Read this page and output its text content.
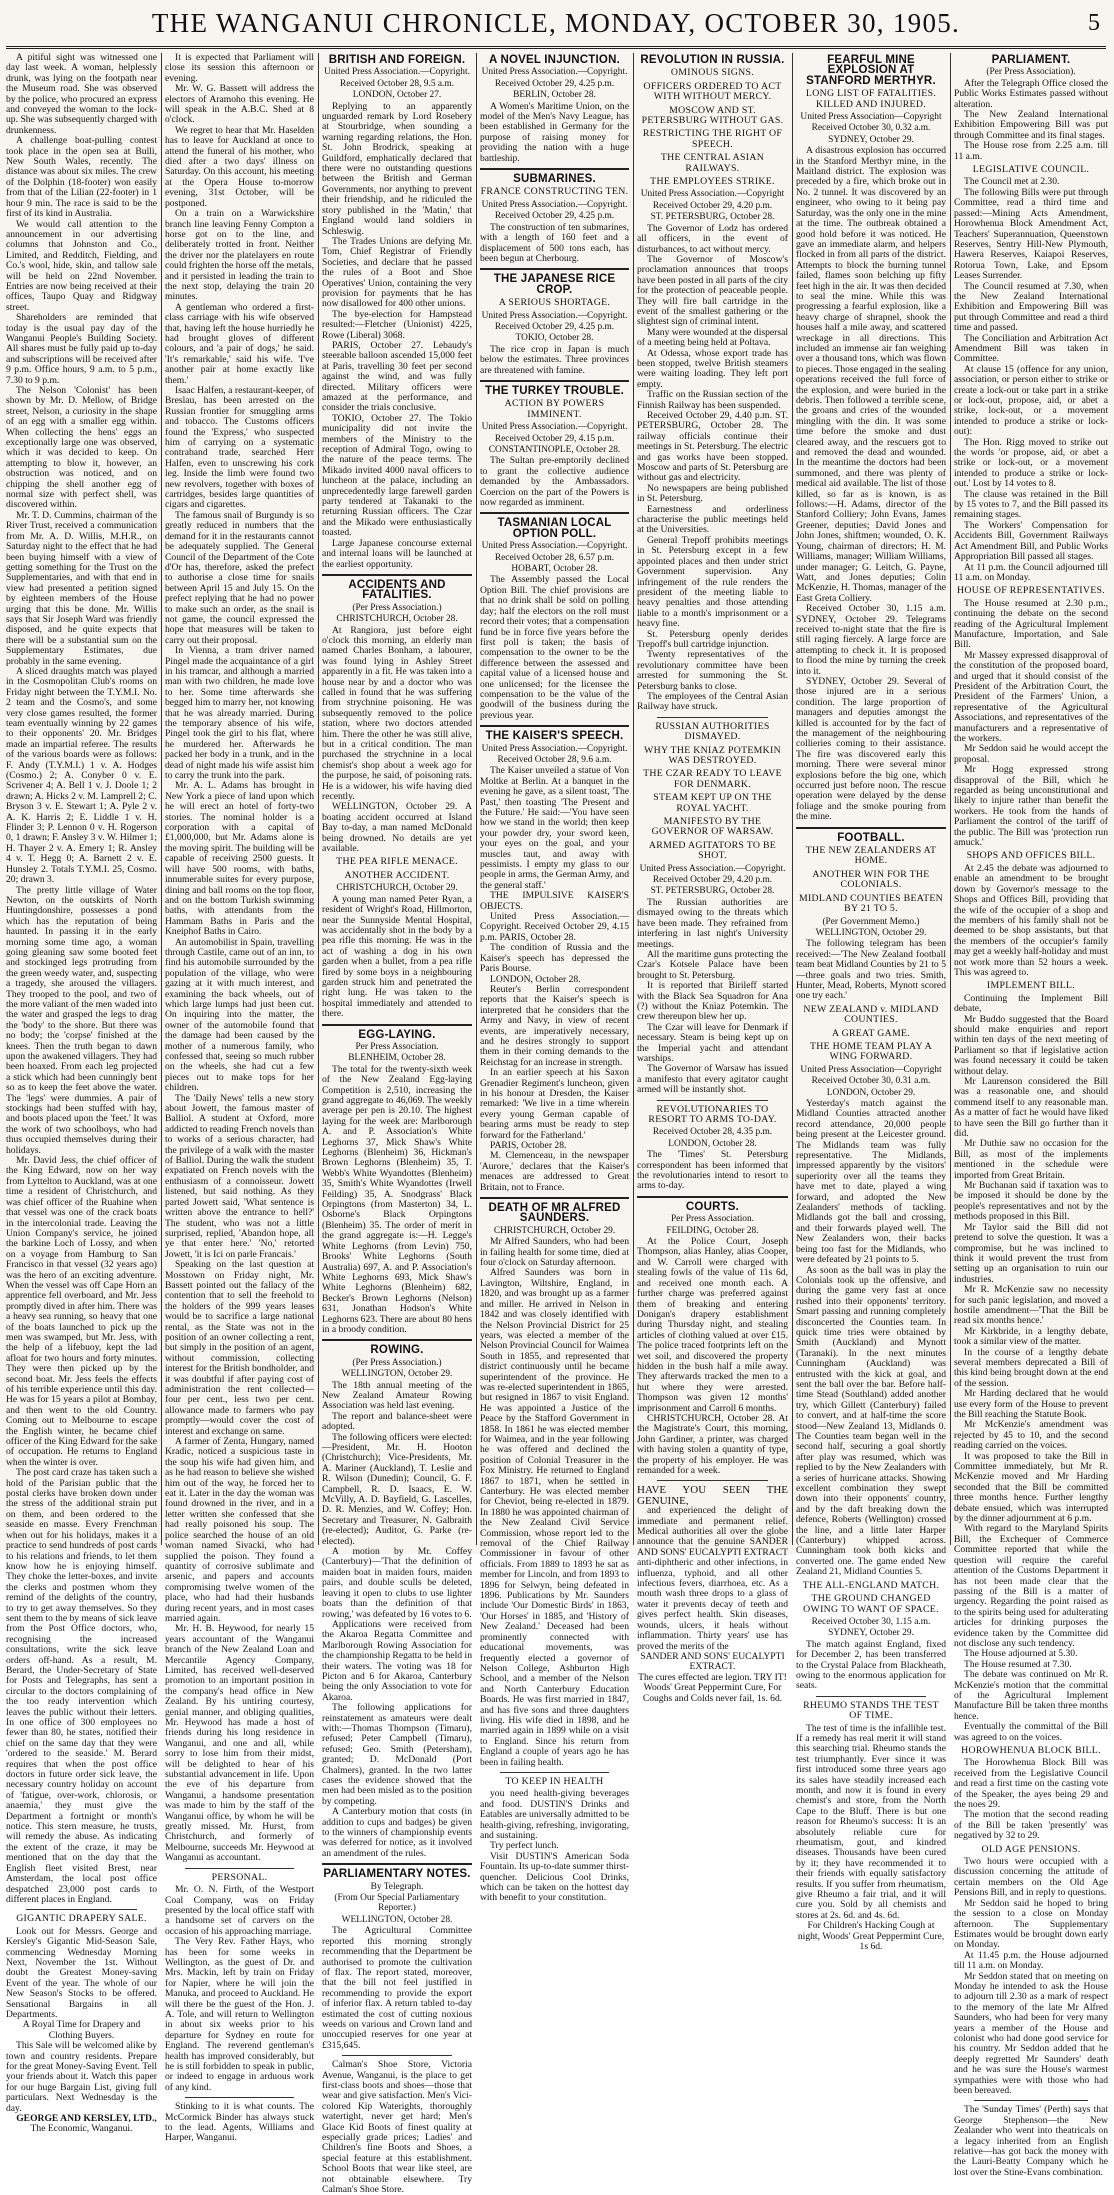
THE WANGANUI CHRONICLE, MONDAY, OCTOBER 30, 1905.	5

A pitiful sight was witnessed one day last week. A woman, helplessly drunk, was lying on the footpath near the Museum road. She was observed by the police, who procured an express and conveyed the woman to the lock-up. She was subsequently charged with drunkenness.

A challenge boat-pulling contest took place in the open sea at Bulli, New South Wales, recently. The distance was about six miles. The crew of the Dolphin (18-footer) won easily from that of the Lilian (22-footer) in 1 hour 9 min. The race is said to be the first of its kind in Australia.

We would call attention to the announcement in our advertising columns that Johnston and Co., Limited, and Redditch, Fielding, and Co.'s wool, hide, skin, and tallow sale will be held on 22nd November. Entries are now being received at their offices, Taupo Quay and Ridgway street.

Shareholders are reminded that today is the usual pay day of the Wanganui People's Building Society. All shares must be fully paid up to-day and subscriptions will be received after 9 p.m. Office hours, 9 a.m. to 5 p.m., 7.30 to 9 p.m.

The Nelson 'Colonist' has been shown by Mr. D. Mellow, of Bridge street, Nelson, a curiosity in the shape of an egg with a smaller egg within. When collecting the hens' eggs an exceptionally large one was observed, which it was decided to keep. On attempting to blow it, however, an obstruction was noticed, and on chipping the shell another egg of normal size with perfect shell, was discovered within.

Mr. T. D. Cummins, chairman of the River Trust, received a communication from Mr. A. D. Willis, M.H.R., on Saturday night to the effect that he had been buying himself with a view of getting something for the Trust on the Supplementaries, and with that end in view had presented a petition signed by eighteen members of the House urging that this be done. Mr. Willis says that Sir Joseph Ward was friendly disposed, and he quite expects that there will be a substantial sum on the Supplementary Estimates, due probably in the same evening.

A sliced draughts match was played in the Cosmopolitan Club's rooms on Friday night between the T.Y.M.I. No. 2 team and the Cosmo's, and some very close games resulted, the former team eventually winning by 22 games to their opponents' 20. Mr. Bridges made an impartial referee. The results of the various boards were as follows: F. Andy (T.Y.M.I.) 1 v. A. Hodges (Cosmo.) 2; A. Conyber 0 v. E. Scrivener 4; A. Bell 1 v. J. Doole 1; 2 drawn; A. Hicks 2 v. M. Lamprell 2; C. Bryson 3 v. E. Stewart 1; A. Pyle 2 v. A. K. Harris 2; E. Liddle 1 v. H. Flinder 3; P. Lennon 0 v. H. Rogerson 0, 1 drawn; F. Ansley 3 v. W. Hilmer 1; H. Thayer 2 v. A. Emery 1; R. Ansley 4 v. T. Hegg 0; A. Barnett 2 v. E. Hunsley 2. Totals T.Y.M.I. 25, Cosmo. 20; drawn 3.

The pretty little village of Water Newton, on the outskirts of North Huntingdonshire, possesses a pond which has the reputation of being haunted. In passing it in the early morning some time ago, a woman going gleaning saw some booted feet and stockinged legs protruding from the green weedy water, and, suspecting a tragedy, she aroused the villagers. They trooped to the pool, and two of the more valiant of the men waded into the water and grasped the legs to drag the 'body' to the shore. But there was no body; the 'corpse' finished at the knees. Then the truth began to dawn upon the awakened villagers. They had been hoaxed. From each leg projected a stick which had been cunningly bent so as to keep the feet above the water. The 'legs' were dummies. A pair of stockings had been stuffed with hay, and boots placed upon the 'feet.' It was the work of two schoolboys, who had thus occupied themselves during their holidays.

Mr. David Jess, the chief officer of the King Edward, now on her way from Lyttelton to Auckland, was at one time a resident of Christchurch, and was chief officer of the Ruahine when that vessel was one of the crack boats in the intercolonial trade. Leaving the Union Company's service, he joined the barkine Loch of Lossy, and when on a voyage from Hamburg to San Francisco in that vessel (32 years ago) was the hero of an exciting adventure. When the vessel was off Cape Horn an apprentice fell overboard, and Mr. Jess promptly dived in after him. There was a heavy sea running, so heavy that one of the boats launched to pick up the men was swamped, but Mr. Jess, with the help of a lifebuoy, kept the lad afloat for two hours and forty minutes. They were then picked up by the second boat. Mr. Jess feels the effects of his terrible experience until this day. He was for 15 years a pilot at Bombay, and then went to the old Country. Coming out to Melbourne to escape the English winter, he became chief officer of the King Edward for the sake of occupation. He returns to England when the winter is over.

The post card craze has taken such a hold of the Parisian public that the postal clerks have broken down under the stress of the additional strain put on them, and been ordered to the seaside en masse. Every Frenchman when out for his holidays, makes it a practice to send hundreds of post cards to his relations and friends, to let them know how he is enjoying himself. They choke the letter-boxes, and invite the clerks and postmen whom they remind of the delights of the country, to try to get away themselves. So they sent them to the by means of sick leave from the Post Office doctors, who, recognising the increased consultations, write the sick leave orders off-hand. As a result, M. Berard, the Under-Secretary of State for Posts and Telegraphs, has sent a circular to the doctors complaining of the too ready intervention which leaves the public without their letters. In one office of 300 employees no fewer than 80, he states, notified their chief on the same day that they were 'ordered to the seaside.' M. Berard requires that when the post office doctors in future order sick leave, the necessary country holiday on account of 'fatigue, over-work, chlorosis, or anaemia,' they must give the Department a fortnight or month's notice. This stern measure, he trusts, will remedy the abuse. As indicating the extent of the craze, it may be mentioned that on the day that the English fleet visited Brest, near Amsterdam, the local post office despatched 23,000 post cards to different places in England.

GIGANTIC DRAPERY SALE.

Look out for Messrs. George and Kersley's Gigantic Mid-Season Sale, commencing Wednesday Morning Next, November the 1st. Without doubt the Greatest Money-saving Event of the year. The whole of our New Season's Stocks to be offered. Sensational Bargains in all Departments.

A Royal Time for Drapery and Clothing Buyers.

This Sale will be welcomed alike by town and country residents. Prepare for the great Money-Saving Event. Tell your friends about it. Watch this paper for our huge Bargain List, giving full particulars. Next Wednesday is the day.

GEORGE AND KERSLEY, LTD.,

The Economic, Wanganui.

It is expected that Parliament will close its session this afternoon or evening.

Mr. W. G. Bassett will address the electors of Aramoho this evening. He will speak in the A.B.C. Shed at 8 o'clock.

We regret to hear that Mr. Haselden has to leave for Auckland at once to attend the funeral of his mother, who died after a two days' illness on Saturday. On this account, his meeting at the Opera House to-morrow evening, 31st October, will be postponed.

On a train on a Warwickshire branch line leaving Fenny Compton a horse got on to the line, and deliberately trotted in front. Neither the driver nor the platelayers en route could frighten the horse off the metals, and it persisted in leading the train to the next stop, delaying the train 20 minutes.

A gentleman who ordered a first-class carriage with his wife observed that, having left the house hurriedly he had brought gloves of different colours, and 'a pair of dogs,' he said. 'It's remarkable,' said his wife. 'I've another pair at home exactly like them.'

Isaac Halfen, a restaurant-keeper, of Breslau, has been arrested on the Russian frontier for smuggling arms and tobacco. The Customs officers found the 'Express,' who suspected him of carrying on a systematic contraband trade, searched Herr Halfen, even to unscrewing his cork leg. Inside the limb were found two new revolvers, together with boxes of cartridges, besides large quantities of cigars and cigarettes.

The famous snail of Burgundy is so greatly reduced in numbers that the demand for it in the restaurants cannot be adequately supplied. The General Council of the Department of the Cote d'Or has, therefore, asked the prefect to authorise a close time for snails between April 15 and July 15. On the prefect replying that he had no power to make such an order, as the snail is not game, the council expressed the hope that measures will be taken to carry out their proposal.

In Vienna, a tram driver named Pingel made the acquaintance of a girl in his tramcar, and although a married man with two children, he made love to her. Some time afterwards she begged him to marry her, not knowing that he was already married. During the temporary absence of his wife, Pingel took the girl to his flat, where he murdered her. Afterwards he packed her body in a trunk, and in the dead of night made his wife assist him to carry the trunk into the park.

Mr. A. L. Adams has brought in New York a piece of land upon which he will erect an hotel of forty-two stories. The nominal holder is a corporation with a capital of £1,000,000, but Mr. Adams alone is the moving spirit. The building will be capable of receiving 2500 guests. It will have 500 rooms, with baths, innumerable suites for every purpose, dining and ball rooms on the top floor, and on the bottom Turkish swimming baths, with attendants from the Hammam Baths in Paris and the Kneiphof Baths in Cairo.

An automobilist in Spain, travelling through Castile, came out of an inn, to find his automobile surrounded by the population of the village, who were gazing at it with much interest, and examining the back wheels, out of which large lumps had just been cut. On inquiring into the matter, the owner of the automobile found that the damage had been caused by the mother of a numerous family, who confessed that, seeing so much rubber on the wheels, she had cut a few pieces out to make tops for her children.

The 'Daily News' tells a new story about Jowett, the famous master of Balliol. A student at Oxford, more addicted to reading French novels than to works of a serious character, had the privilege of a walk with the master of Balliol. During the walk the student expatiated on French novels with the enthusiasm of a connoisseur. Jowett listened, but said nothing. As they parted Jowett said, 'What sentence is written above the entrance to hell?' The student, who was not a little surprised, replied, 'Abandon hope, all ye that enter here.' 'No,' retorted Jowett, 'it is Ici on parle Francais.'

Speaking on the last question at Mosstown on Friday night, Mr. Bassett pointed out the fallacy of the contention that to sell the freehold to the holders of the 999 years leases would be to sacrifice a large national rental, as the State was not in the position of an owner collecting a rent, but simply in the position of an agent, without commission, collecting interest for the British bondholder, and it was doubtful if after paying cost of administration the rent collected—four per cent., less two per cent. allowance made to farmers who pay promptly—would cover the cost of interest and exchange on same.

A farmer of Zenta, Hungary, named Kradic, noticed a suspicious taste in the soup his wife had given him, and as he had reason to believe she wished him out of the way, he forced her to eat it. Later in the day the woman was found drowned in the river, and in a letter written she confessed that she had really poisoned his soup. The police searched the house of an old woman named Sivacki, who had supplied the poison. They found a quantity of corrosive sublimate and arsenic, and papers and accounts compromising twelve women of the place, who had had their husbands during recent years, and in most cases married again.

Mr. H. B. Heywood, for nearly 15 years accountant of the Wanganui branch of the New Zealand Loan and Mercantile Agency Company, Limited, has received well-deserved promotion to an important position in the company's head office in New Zealand. By his untiring courtesy, genial manner, and obliging qualities, Mr. Heywood has made a host of friends during his long residence in Wanganui, and one and all, while sorry to lose him from their midst, will be delighted to hear of his substantial advancement in life. Upon the eve of his departure from Wanganui, a handsome presentation was made to him by the staff of the Wanganui office, by whom he will be greatly missed. Mr. Hurst, from Christchurch, and formerly of Melbourne, succeeds Mr. Heywood at Wanganui as accountant.

PERSONAL.

Mr. O. N. Firth, of the Westport Coal Company, was on Friday presented by the local office staff with a handsome set of carvers on the occasion of his approaching marriage.

The Very Rev. Father Hays, who has been for some weeks in Wellington, as the guest of Dr. and Mrs. Mackin, left by train on Friday for Napier, where he will join the Manuka, and proceed to Auckland. He will there be the guest of the Hon. J. A. Tole, and will return to Wellington in about six weeks prior to his departure for Sydney en route for England. The reverend gentleman's health has improved considerably, but he is still forbidden to speak in public, or indeed to engage in arduous work of any kind.

Stinking to it is what counts. The McCormick Binder has always stuck to the lead. Agents, Williams and Harper, Wanganui.

BRITISH AND FOREIGN.
United Press Association.—Copyright.
Received October 28, 9.5 a.m.
LONDON, October 27.

Replying to an apparently unguarded remark by Lord Rosebery at Stourbridge, when sounding a warning regarding relations, the Hon. St. John Brodrick, speaking at Guildford, emphatically declared that there were no outstanding questions between the British and German Governments, nor anything to prevent their friendship, and he ridiculed the story published in the 'Matin,' that England would land soldiers in Schleswig.

The Trades Unions are defying Mr. Tom, Chief Registrar of Friendly Societies, and declare that he passed the rules of a Boot and Shoe Operatives' Union, containing the very provision for payments that he has now disallowed for 400 other unions.

The bye-election for Hampstead resulted:—Fletcher (Unionist) 4225, Rowe (Liberal) 3068.

PARIS, October 27. Lebaudy's steerable balloon ascended 15,000 feet at Paris, travelling 30 feet per second against the wind, and was fully directed. Military officers were amazed at the performance, and consider the trials conclusive.

TOKIO, October 27. The Tokio municipality did not invite the members of the Ministry to the reception of Admiral Togo, owing to the nature of the peace terms. The Mikado invited 4000 naval officers to luncheon at the palace, including an unprecedentedly large farewell garden party tendered at Takanaki to the returning Russian officers. The Czar and the Mikado were enthusiastically toasted.

Large Japanese concourse external and internal loans will be launched at the earliest opportunity.

ACCIDENTS AND FATALITIES.
(Per Press Association.)
CHRISTCHURCH, October 28.

At Rangiora, just before eight o'clock this morning, an elderly man named Charles Bonham, a labourer, was found lying in Ashley Street apparently in a fit. He was taken into a house near by and a doctor who was called in found that he was suffering from strychnine poisoning. He was subsequently removed to the police station, where two doctors attended him. There the other he was still alive, but in a critical condition. The man purchased the strychnine in a local chemist's shop about a week ago for the purpose, he said, of poisoning rats. He is a widower, his wife having died recently.

WELLINGTON, October 29. A boating accident occurred at Island Bay to-day, a man named McDonald being drowned. No details are yet available.

THE PEA RIFLE MENACE.
ANOTHER ACCIDENT.
CHRISTCHURCH, October 29.

A young man named Peter Ryan, a resident of Wright's Road, Hillmorton, near the Sunnyside Mental Hospital, was accidentally shot in the body by a pea rifle this morning. He was in the act of washing a dog in his own garden when a bullet, from a pea rifle fired by some boys in a neighbouring garden struck him and penetrated the right lung. He was taken to the hospital immediately and attended to there.

EGG-LAYING.
Per Press Association.
BLENHEIM, October 28.

The total for the twenty-sixth week of the New Zealand Egg-laying Competition is 2,510, increasing the grand aggregate to 46,069. The weekly average per pen is 20.10. The highest laying for the week are: Marlborough A. and P. Association's White Leghorns 37, Mick Shaw's White Leghorns (Blenheim) 36, Hickman's Brown Leghorns (Blenheim) 35, T. Webb's White Wyandottes (Blenheim) 35, Smith's White Wyandottes (Irwell Feilding) 35, A. Snodgrass' Black Orpingtons (from Masterton) 34, L. Osborne's Black Orpingtons (Blenheim) 35. The order of merit in the grand aggregate is:—H. Legge's White Leghorns (from Levin) 750, Brooks' White Leghorns (South Australia) 697, A. and P. Association's White Leghorns 693, Mick Shaw's White Leghorns (Blenheim) 682, Becker's Brown Leghorns (Nelson) 631, Jonathan Hodson's White Leghorns 623. There are about 80 hens in a broody condition.

ROWING.
(Per Press Association.)
WELLINGTON, October 29.

The 18th annual meeting of the New Zealand Amateur Rowing Association was held last evening.

The report and balance-sheet were adopted.

The following officers were elected:—President, Mr. H. Hooton (Christchurch); Vice-Presidents, Mr. A. Mariner (Auckland), T. Leslie and R. Wilson (Dunedin); Council, G. F. Campbell, R. D. Isaacs, E. W. McVilly, A. D. Bayfield, G. Lascelles, D. R. Menzies, and W. Coffey; Hon. Secretary and Treasurer, N. Galbraith (re-elected); Auditor, G. Parke (re-elected).

A motion by Mr. Coffey (Canterbury)—'That the definition of maiden boat in maiden fours, maiden pairs, and double sculls be deleted, leaving it open to clubs to use lighter boats than the definition of that rowing,' was defeated by 16 votes to 6.

Applications were received from the Akaroa Regatta Committee and Marlborough Rowing Association for the championship Regatta to be held in their waters. The voting was 18 for Picton and 6 for Akaroa, Canterbury being the only Association to vote for Akaroa.

The following applications for reinstatement as amateurs were dealt with:—Thomas Thompson (Timaru), refused; Peter Campbell (Timaru), refused; Geo. Smith (Petersham), granted; D. McDonald (Port Chalmers), granted. In the two latter cases the evidence showed that the men had been misled as to the position by competing.

A Canterbury motion that costs (in addition to cups and badges) be given to the winners of championship events was deferred for notice, as it involved an amendment of the rules.

PARLIAMENTARY NOTES.
By Telegraph.
(From Our Special Parliamentary Reporter.)
WELLINGTON, October 28.

The Agricultural Committee reported this morning strongly recommending that the Department be authorised to promote the cultivation of flax. The report stated, moreover, that the bill not feel justified in recommending to provide the export of inferior flax. A return tabled to-day estimated the cost of cutting noxious weeds on various and Crown land and unoccupied reserves for one year at £315,645.

Calman's Shoe Store, Victoria Avenue, Wanganui, is the place to get first-class boots and shoes—those that wear and give satisfaction. Men's Vici-colored Kip Waterights, thoroughly watertight, never get hard; Men's Glace Kid Boots of finest quality at especially grade prices; Ladies' and Children's fine Boots and Shoes, a special feature at this establishment. School Boots that wear like steel, are not obtainable elsewhere. Try Calman's Shoe Store.

A NOVEL INJUNCTION.
United Press Association.—Copyright.
Received October 29, 4.25 p.m.
BERLIN, October 28.

A Women's Maritime Union, on the model of the Men's Navy League, has been established in Germany for the purpose of raising money for providing the nation with a huge battleship.

SUBMARINES.
FRANCE CONSTRUCTING TEN.
United Press Association.—Copyright.
Received October 29, 4.25 p.m.

The construction of ten submarines, with a length of 160 feet and a displacement of 500 tons each, has been begun at Cherbourg.

THE JAPANESE RICE CROP.
A SERIOUS SHORTAGE.
United Press Association.—Copyright.
Received October 29, 4.25 p.m.
TOKIO, October 28.

The rice crop in Japan is much below the estimates. Three provinces are threatened with famine.

THE TURKEY TROUBLE.
ACTION BY POWERS IMMINENT.
United Press Association.—Copyright.
Received October 29, 4.15 p.m.
CONSTANTINOPLE, October 28.

The Sultan pre-emptorily declined to grant the collective audience demanded by the Ambassadors. Coercion on the part of the Powers is now regarded as imminent.

TASMANIAN LOCAL OPTION POLL.
United Press Association.—Copyright.
Received October 28, 6.57 p.m.
HOBART, October 28.

The Assembly passed the Local Option Bill. The chief provisions are that no drink shall be sold on polling day; half the electors on the roll must record their votes; that a compensation fund be in force five years before the first poll is taken; the basis of compensation to the owner to be the difference between the assessed and capital value of a licensed house and one unlicensed; for the licensee the compensation to be the value of the goodwill of the business during the previous year.

THE KAISER'S SPEECH.
United Press Association.—Copyright.
Received October 28, 9.6 a.m.

The Kaiser unveiled a statue of Von Moltke at Berlin. At a banquet in the evening he gave, as a silent toast, 'The Past,' then toasting 'The Present and the Future.' He said:—'You have seen how we stand in the world; then keep your powder dry, your sword keen, your eyes on the goal, and your muscles taut, and away with pessimists. I empty my glass to our people in arms, the German Army, and the general staff.'

THE IMPULSIVE KAISER'S OBJECTS.

United Press Association.—Copyright. Received October 29, 4.15 p.m. PARIS, October 28.

The condition of Russia and the Kaiser's speech has depressed the Paris Bourse.

LONDON, October 28.

Reuter's Berlin correspondent reports that the Kaiser's speech is interpreted that he considers that the Army and Navy, in view of recent events, are imperatively necessary, and he desires strongly to support them in their coming demands to the Reichstag for an increase in strength.

In an earlier speech at his Saxon Grenadier Regiment's luncheon, given in his honour at Dresden, the Kaiser remarked: 'We live in a time wherein every young German capable of bearing arms must be ready to step forward for the Fatherland.'

PARIS, October 28.

M. Clemenceau, in the newspaper 'Aurore,' declares that the Kaiser's menaces are addressed to Great Britain, not to France.

DEATH OF MR ALFRED SAUNDERS.
CHRISTCHURCH, October 29.

Mr Alfred Saunders, who had been in failing health for some time, died at four o'clock on Saturday afternoon.

Alfred Saunders was born in Lavington, Wiltshire, England, in 1820, and was brought up as a farmer and miller. He arrived in Nelson in 1842 and was closely identified with the Nelson Provincial District for 25 years, was elected a member of the Nelson Provincial Council for Waimea South in 1855, and represented that district continuously until he became superintendent of the province. He was re-elected superintendent in 1865, but resigned in 1867 to visit England. He was appointed a Justice of the Peace by the Stafford Government in 1858. In 1861 he was elected member for Waimea, and in the year following he was offered and declined the position of Colonial Treasurer in the Fox Ministry. He returned to England 1867 to 1871, when he settled in Canterbury. He was elected member for Cheviot, being re-elected in 1879. In 1880 he was appointed chairman of the New Zealand Civil Service Commission, whose report led to the removal of the Chief Railway Commissioner in favour of other officials. From 1889 to 1893 he sat as member for Lincoln, and from 1893 to 1896 for Selwyn, being defeated in 1896. Publications by Mr. Saunders include 'Our Domestic Birds' in 1863, 'Our Horses' in 1885, and 'History of New Zealand.' Deceased had been prominently connected with educational movements, was frequently elected a governor of Nelson College, Ashburton High School, and a member of the Nelson and North Canterbury Education Boards. He was first married in 1847, and has five sons and three daughters living. His wife died in 1898, and he married again in 1899 while on a visit to England. Since his return from England a couple of years ago he has been in failing health.

TO KEEP IN HEALTH

you need health-giving beverages and food. DUSTIN'S Drinks and Eatables are universally admitted to be health-giving, refreshing, invigorating, and sustaining.

Try perfect lunch.

Visit DUSTIN'S American Soda Fountain. Its up-to-date summer thirst-quencher. Delicious Cool Drinks, which can be taken on the hottest day with benefit to your constitution.

REVOLUTION IN RUSSIA.
OMINOUS SIGNS.
OFFICERS ORDERED TO ACT WITH WITHOUT MERCY.
MOSCOW AND ST. PETERSBURG WITHOUT GAS.
RESTRICTING THE RIGHT OF SPEECH.
THE CENTRAL ASIAN RAILWAYS.
THE EMPLOYEES STRIKE.
United Press Association.—Copyright
Received October 29, 4.20 p.m.
ST. PETERSBURG, October 28.

The Governor of Lodz has ordered all officers, in the event of disturbances, to act without mercy.

The Governor of Moscow's proclamation announces that troops have been posted in all parts of the city for the protection of peaceable people. They will fire ball cartridge in the event of the smallest gathering or the slightest sign of criminal intent.

Many were wounded at the dispersal of a meeting being held at Poltava.

At Odessa, whose export trade has been stopped, twelve British steamers were waiting loading. They left port empty.

Traffic on the Russian section of the Finnish Railway has been suspended.

Received October 29, 4.40 p.m. ST. PETERSBURG, October 28. The railway officials continue their meetings in St. Petersburg. The electric and gas works have been stopped. Moscow and parts of St. Petersburg are without gas and electricity.

No newspapers are being published in St. Petersburg.

Earnestness and orderliness characterise the public meetings held at the Universities.

General Trepoff prohibits meetings in St. Petersburg except in a few appointed places and then under strict Government supervision. Any infringement of the rule renders the president of the meeting liable to heavy penalties and those attending liable to a month's imprisonment or a heavy fine.

St. Petersburg openly derides Trepoff's bull cartridge injunction.

Twenty representatives of the revolutionary committee have been arrested for summoning the St. Petersburg banks to close.

The employees of the Central Asian Railway have struck.

RUSSIAN AUTHORITIES DISMAYED.
WHY THE KNIAZ POTEMKIN WAS DESTROYED.
THE CZAR READY TO LEAVE FOR DENMARK.
STEAM KEPT UP ON THE ROYAL YACHT.
MANIFESTO BY THE GOVERNOR OF WARSAW.
ARMED AGITATORS TO BE SHOT.
United Press Association.—Copyright.
Received October 29, 4.20 p.m.
ST. PETERSBURG, October 28.

The Russian authorities are dismayed owing to the threats which have been made. They refrained from interfering in last night's University meetings.

All the maritime guns protecting the Czar's Kotsele Palace have been brought to St. Petersburg.

It is reported that Birileff started with the Black Sea Squadron for Ana (?) without the Kniaz Potemkin. The crew thereupon blew her up.

The Czar will leave for Denmark if necessary. Steam is being kept up on the Imperial yacht and attendant warships.

The Governor of Warsaw has issued a manifesto that every agitator caught armed will be instantly shot.

REVOLUTIONARIES TO RESORT TO ARMS TO-DAY.
Received October 28, 4.35 p.m.
LONDON, October 28.

The 'Times' St. Petersburg correspondent has been informed that the revolutionaries intend to resort to arms to-day.

COURTS.
Per Press Association.
FEILDING, October 28.

At the Police Court, Joseph Thompson, alias Hanley, alias Cooper, and W. Carroll were charged with stealing fowls of the value of 11s 6d, and received one month each. A further charge was preferred against them of breaking and entering Donigan's drapery establishment during Thursday night, and stealing articles of clothing valued at over £15. The police traced footprints left on the wet soil, and discovered the property hidden in the bush half a mile away. They afterwards tracked the men to a hut where they were arrested. Thompson was given 12 months' imprisonment and Carroll 6 months.

CHRISTCHURCH, October 28. At the Magistrate's Court, this morning, John Gardiner, a printer, was charged with having stolen a quantity of type, the property of his employer. He was remanded for a week.

HAVE YOU SEEN THE GENUINE,

and experienced the delight of immediate and permanent relief. Medical authorities all over the globe announce that the genuine SANDER AND SONS' EUCALYPTI EXTRACT anti-diphtheric and other infections, in influenza, typhoid, and all other infectious fevers, diarrhoea, etc. As a mouth wash three drops to a glass of water it prevents decay of teeth and gives perfect health. Skin diseases, wounds, ulcers, it heals without inflammation. Thirty years' use has proved the merits of the

SANDER AND SONS' EUCALYPTI EXTRACT.

The cures effected are legion. TRY IT!

Woods' Great Peppermint Cure, For Coughs and Colds never fail, 1s. 6d.

FEARFUL MINE EXPLOSION AT STANFORD MERTHYR.
LONG LIST OF FATALITIES. KILLED AND INJURED.
United Press Association—Copyright
Received October 30, 0.32 a.m.
SYDNEY, October 29.

A disastrous explosion has occurred in the Stanford Merthyr mine, in the Maitland district. The explosion was preceded by a fire, which broke out in No. 2 tunnel. It was discovered by an engineer, who owing to it being pay Saturday, was the only one in the mine at the time. The outbreak obtained a good hold before it was noticed. He gave an immediate alarm, and helpers flocked in from all parts of the district. Attempts to block the burning tunnel failed, flames soon belching up fifty feet high in the air. It was then decided to seal the mine. While this was progressing a fearful explosion, like a heavy charge of shrapnel, shook the houses half a mile away, and scattered wreckage in all directions. This included an immense air fan weighing over a thousand tons, which was flown to pieces. Those engaged in the sealing operations received the full force of the explosion, and were buried in the debris. Then followed a terrible scene, the groans and cries of the wounded mingling with the din. It was some time before the smoke and dust cleared away, and the rescuers got to and removed the dead and wounded. In the meantime the doctors had been summoned, and there was plenty of medical aid available. The list of those killed, so far as is known, is as follows:—H. Adams, director of the Stanford Colliery; John Evans, James Greener, deputies; David Jones and John Jones, shiftmen; wounded, O. K. Young, chairman of directors; H. M. Williams, manager; William Williams, under manager; G. Leitch, G. Payne, Watt, and Jones deputies; Colin McKenzie, H. Thomas, manager of the East Greta Colliery.

Received October 30, 1.15 a.m. SYDNEY, October 29. Telegrams received to-night state that the fire is still raging fiercely. A large force are attempting to check it. It is proposed to flood the mine by turning the creek into it.

SYDNEY, October 29. Several of those injured are in a serious condition. The large proportion of managers and deputies amongst the killed is accounted for by the fact of the management of the neighbouring collieries coming to their assistance. The fire was discovered early this morning. There were several minor explosions before the big one, which occurred just before noon. The rescue operation were delayed by the dense foliage and the smoke pouring from the mine.

FOOTBALL.
THE NEW ZEALANDERS AT HOME.
ANOTHER WIN FOR THE COLONIALS.
MIDLAND COUNTIES BEATEN BY 21 TO 5.
(Per Government Memo.)
WELLINGTON, October 29.

The following telegram has been received:—'The New Zealand football team beat Midland Counties by 21 to 5—three goals and two tries. Smith, Hunter, Mead, Roberts, Mynott scored one try each.'

NEW ZEALAND v. MIDLAND COUNTIES.
A GREAT GAME.
THE HOME TEAM PLAY A WING FORWARD.
United Press Association—Copyright
Received October 30, 0.31 a.m.
LONDON, October 29.

Yesterday's match against the Midland Counties attracted another record attendance, 20,000 people being present at the Leicester ground. The Midlands team was fully representative. The Midlands, impressed apparently by the visitors' superiority over all the teams they have met to date, played a wing forward, and adopted the New Zealanders' methods of tackling. Midlands got the ball and crossing, and their forwards played well. The New Zealanders won, their backs being too fast for the Midlands, who were defeated by 21 points to 5.

As soon as the ball was in play the Colonials took up the offensive, and during the game very fast at once rushed into their opponents' territory. Smart passing and running completely disconcerted the Counties team. In quick time tries were obtained by Smith (Auckland) and Mynott (Taranaki). In the next minutes Cunningham (Auckland) was entrusted with the kick at goal, and sent the ball over the bar. Before half-time Stead (Southland) added another try, which Gillett (Canterbury) failed to convert, and at half-time the score stood—New Zealand 13, Midlands 0. The Counties team began well in the second half, securing a goal shortly after play was resumed, which was replied to by the New Zealanders with a series of hurricane attacks. Showing excellent combination they swept down into their opponents' country, and by the daft breaking down the defence, Roberts (Wellington) crossed the line, and a little later Harper (Canterbury) whipped across. Cunningham took both kicks and converted one. The game ended New Zealand 21, Midland Counties 5.

THE ALL-ENGLAND MATCH.
THE GROUND CHANGED OWING TO WANT OF SPACE.
Received October 30, 1.15 a.m.
SYDNEY, October 29.

The match against England, fixed for December 2, has been transferred to the Crystal Palace from Blackheath, owing to the enormous application for seats.

RHEUMO STANDS THE TEST OF TIME.

The test of time is the infallible test. If a remedy has real merit it will stand this searching trial. Rheumo stands the test triumphantly. Ever since it was first introduced some three years ago its sales have steadily increased each month, and now it is found in every chemist's and store, from the North Cape to the Bluff. There is but one reason for Rheumo's success: It is an absolutely reliable cure for rheumatism, gout, and kindred diseases. Thousands have been cured by it; they have recommended it to their friends with equally satisfactory results. If you suffer from rheumatism, give Rheumo a fair trial, and it will cure you. Sold by all chemists and stores at 2s. 6d. and 4s. 6d.

For Children's Hacking Cough at night, Woods' Great Peppermint Cure, 1s 6d.

PARLIAMENT.
(Per Press Association).

After the Telegraph Office closed the Public Works Estimates passed without alteration.

The New Zealand International Exhibition Empowering Bill was put through Committee and its final stages.

The House rose from 2.25 a.m. till 11 a.m.

LEGISLATIVE COUNCIL.

The Council met at 2.30.

The following Bills were put through Committee, read a third time and passed:—Mining Acts Amendment, Horowhenua Block Amendment Act, Teachers' Superannuation, Queenstown Reserves, Sentry Hill-New Plymouth, Hawera Reserves, Kaiapoi Reserves, Rotorua Town, Lake, and Epsom Leases Surrender.

The Council resumed at 7.30, when the New Zealand International Exhibition and Empowering Bill was put through Committee and read a third time and passed.

The Conciliation and Arbitration Act Amendment Bill was taken in Committee.

At clause 15 (offence for any union, association, or person either to strike or create a lock-out or take part in a strike or lock-out, propose, aid, or abet a strike, lock-out, or a movement intended to produce a strike or lock-out):

The Hon. Rigg moved to strike out the words 'or propose, aid, or abet a strike or lock-out, or a movement intended to produce a strike or lock-out.' Lost by 14 votes to 8.

The clause was retained in the Bill by 15 votes to 7, and the Bill passed its remaining stages.

The Workers' Compensation for Accidents Bill, Government Railways Act Amendment Bill, and Public Works Appropriation Bill passed all stages.

At 11 p.m. the Council adjourned till 11 a.m. on Monday.

HOUSE OF REPRESENTATIVES.

The House resumed at 2.30 p.m., continuing the debate on the second reading of the Agricultural Implement Manufacture, Importation, and Sale Bill.

Mr Massey expressed disapproval of the constitution of the proposed board, and urged that it should consist of the President of the Arbitration Court, the President of the Farmers' Union, a representative of the Agricultural Associations, and representatives of the manufacturers and a representative of the workers.

Mr Seddon said he would accept the proposal.

Mr Hogg expressed strong disapproval of the Bill, which he regarded as being unconstitutional and likely to injure rather than benefit the workers. He took from the hands of Parliament the control of the tariff of the public. The Bill was 'protection run amuck.'

SHOPS AND OFFICES BILL.

At 2.45 the debate was adjourned to enable an amendment to be brought down by Governor's message to the Shops and Offices Bill, providing that the wife of the occupier of a shop and the members of his family shall not be deemed to be shop assistants, but that the members of the occupier's family may get a weekly half-holiday and must not work more than 52 hours a week. This was agreed to.

IMPLEMENT BILL.

Continuing the Implement Bill debate,

Mr Buddo suggested that the Board should make enquiries and report within ten days of the next meeting of Parliament so that if legislative action was found necessary it could be taken without delay.

Mr Laurenson considered the Bill was a reasonable one, and should commend itself to any reasonable man. As a matter of fact he would have liked to have seen the Bill go further than it did.

Mr Duthie saw no occasion for the Bill, as most of the implements mentioned in the schedule were imported from Great Britain.

Mr Buchanan said if taxation was to be imposed it should be done by the people's representatives and not by the methods proposed in this Bill.

Mr Taylor said the Bill did not pretend to solve the question. It was a compromise, but he was inclined to think it would prevent the trust from setting up an organisation to ruin our industries.

Mr R. McKenzie saw no necessity for such panic legislation, and moved a hostile amendment—'That the Bill be read six months hence.'

Mr Kirkbride, in a lengthy debate, took a similar view of the matter.

In the course of a lengthy debate several members deprecated a Bill of this kind being brought down at the end of the session.

Mr Harding declared that he would use every form of the House to prevent the Bill reaching the Statute Book.

Mr McKenzie's amendment was rejected by 45 to 10, and the second reading carried on the voices.

It was proposed to take the Bill in Committee immediately, but Mr R. McKenzie moved and Mr Harding seconded that the Bill be committed three months hence. Further lengthy debate ensued, which was interrupted by the dinner adjournment at 6 p.m.

With regard to the Maryland Spirits Bill, the Exchequer of Commerce Committee reported that while the question will require the careful attention of the Customs Department it has not been made clear that the passing of the Bill is a matter of urgency. Regarding the point raised as to the spirits being used for adulterating articles for drinking purposes the evidence taken by the Committee did not disclose any such tendency.

The House adjourned at 5.30.

The House resumed at 7.30.

The debate was continued on Mr R. McKenzie's motion that the committal of the Agricultural Implement Manufacture Bill be taken three months hence.

Eventually the committal of the Bill was agreed to on the voices.

HOROWHENUA BLOCK BILL.

The Horowhenua Block Bill was received from the Legislative Council and read a first time on the casting vote of the Speaker, the ayes being 29 and the noes 29.

The motion that the second reading of the Bill be taken 'presently' was negatived by 32 to 29.

OLD AGE PENSIONS.

Two hours were occupied with a discussion concerning the attitude of certain members on the Old Age Pensions Bill, and in reply to questions.

Mr Seddon said he hoped to bring the session to a close on Monday afternoon. The Supplementary Estimates would be brought down early on Monday.

At 11.45 p.m. the House adjourned till 11 a.m. on Monday.

Mr Seddon stated that on meeting on Monday he intended to ask the House to adjourn till 2.30 as a mark of respect to the memory of the late Mr Alfred Saunders, who had been for very many years a member of the House and colonist who had done good service for his country. Mr Seddon added that he deeply regretted Mr Saunders' death and he was sure the House's warmest sympathies were with those who had been bereaved.

The 'Sunday Times' (Perth) says that George Stephenson—the New Zealander who went into theatricals on a legacy inherited from an English relative—has got back the money with the Lauri-Beatty Company which he lost over the Stine-Evans combination.
